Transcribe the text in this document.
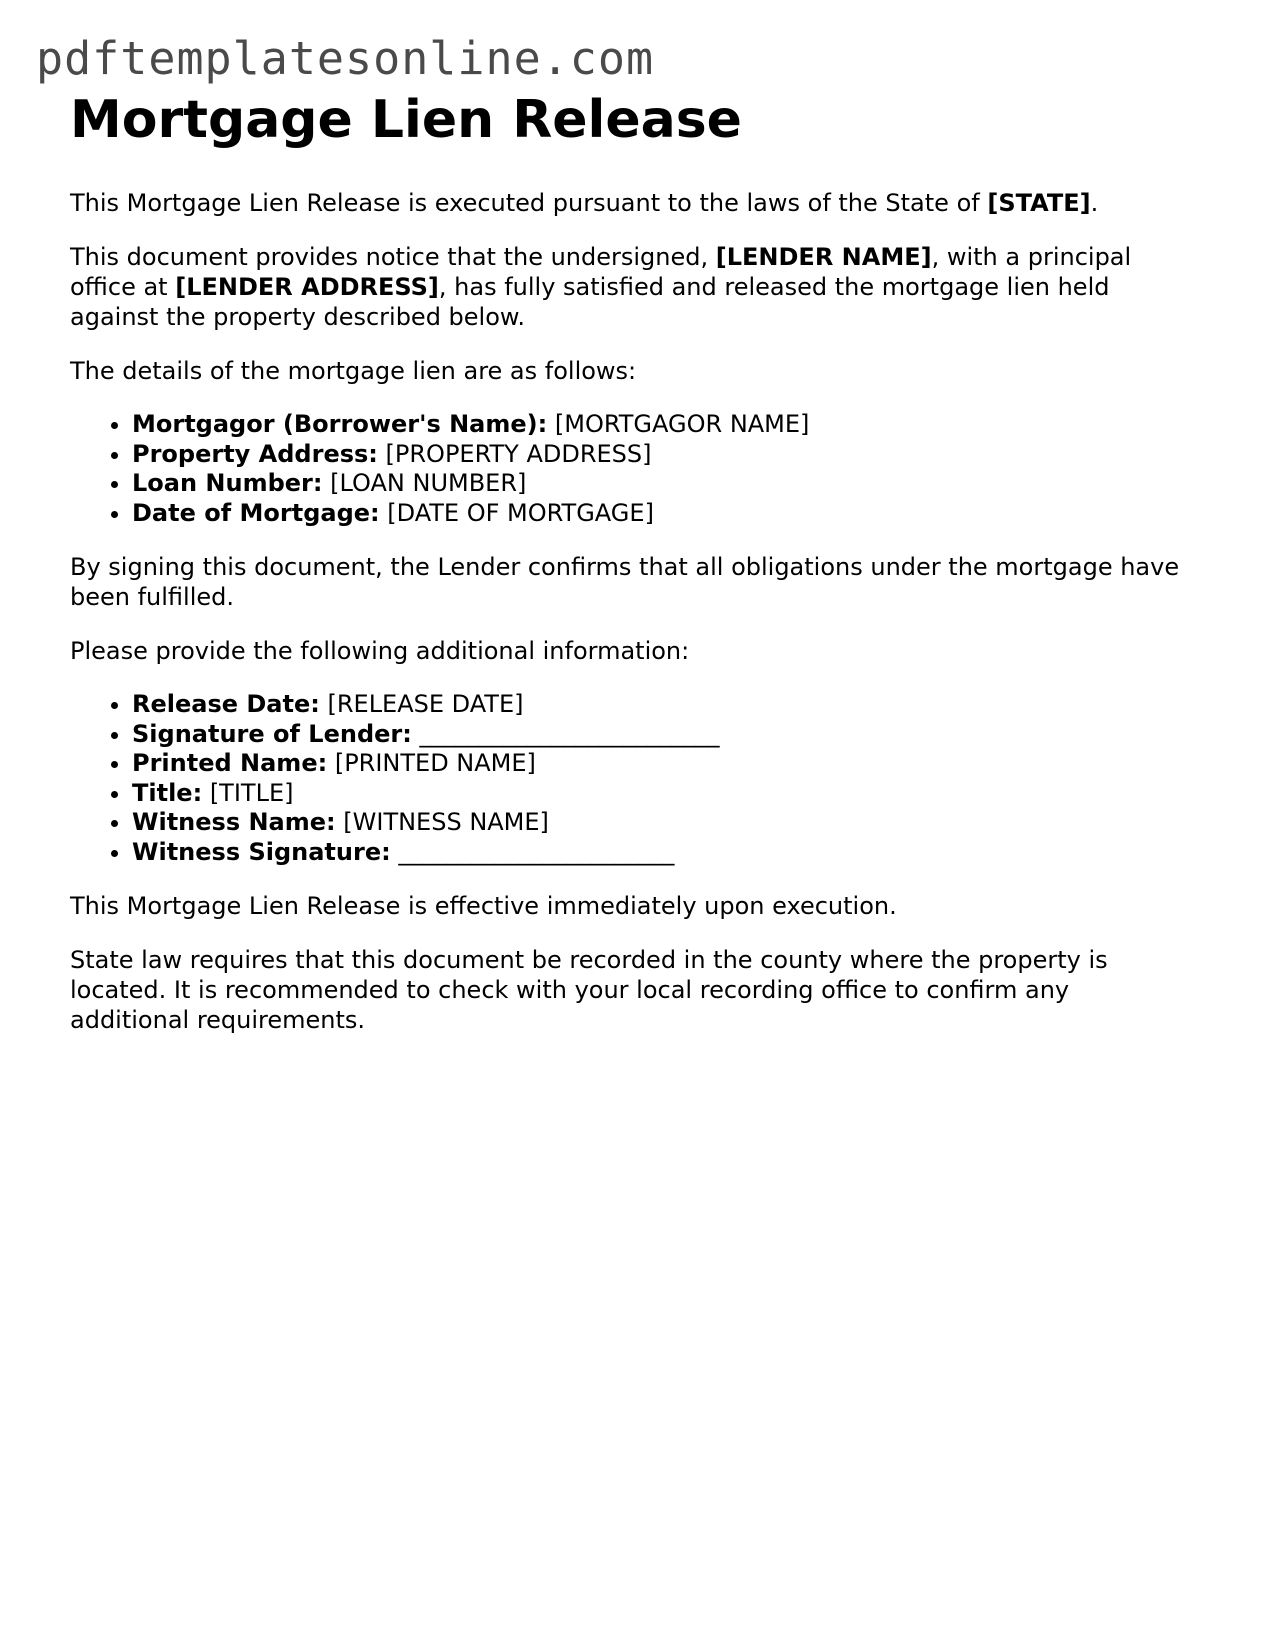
pdftemplatesonline.com
Mortgage Lien Release

This Mortgage Lien Release is executed pursuant to the laws of the State of [STATE].

This document provides notice that the undersigned, [LENDER NAME], with a principal office at [LENDER ADDRESS], has fully satisfied and released the mortgage lien held against the property described below.

The details of the mortgage lien are as follows:

• Mortgagor (Borrower's Name): [MORTGAGOR NAME]
• Property Address: [PROPERTY ADDRESS]
• Loan Number: [LOAN NUMBER]
• Date of Mortgage: [DATE OF MORTGAGE]

By signing this document, the Lender confirms that all obligations under the mortgage have been fulfilled.

Please provide the following additional information:

• Release Date: [RELEASE DATE]
• Signature of Lender: _________________________
• Printed Name: [PRINTED NAME]
• Title: [TITLE]
• Witness Name: [WITNESS NAME]
• Witness Signature: _______________________

This Mortgage Lien Release is effective immediately upon execution.

State law requires that this document be recorded in the county where the property is located. It is recommended to check with your local recording office to confirm any additional requirements.
